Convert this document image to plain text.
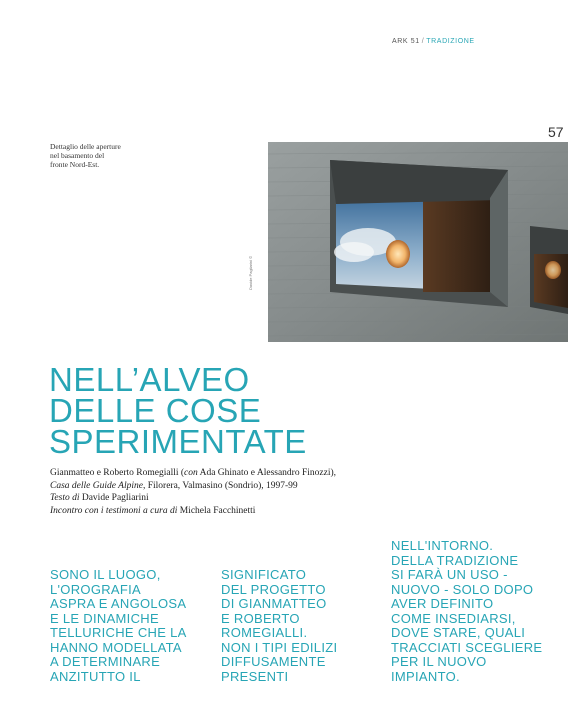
ARK 51 / TRADIZIONE
57
Dettaglio delle aperture
nel basamento del
fronte Nord-Est.
Davide Pagliarini ©
NELL’ALVEO
DELLE COSE
SPERIMENTATE
Gianmatteo e Roberto Romegialli (con Ada Ghinato e Alessandro Finozzi),
Casa delle Guide Alpine, Filorera, Valmasino (Sondrio), 1997-99
Testo di Davide Pagliarini
Incontro con i testimoni a cura di Michela Facchinetti
SONO IL LUOGO,
L'OROGRAFIA
ASPRA E ANGOLOSA
E LE DINAMICHE
TELLURICHE CHE LA
HANNO MODELLATA
A DETERMINARE
ANZITUTTO IL
SIGNIFICATO
DEL PROGETTO
DI GIANMATTEO
E ROBERTO
ROMEGIALLI.
NON I TIPI EDILIZI
DIFFUSAMENTE
PRESENTI
NELL'INTORNO.
DELLA TRADIZIONE
SI FARÀ UN USO -
NUOVO - SOLO DOPO
AVER DEFINITO
COME INSEDIARSI,
DOVE STARE, QUALI
TRACCIATI SCEGLIERE
PER IL NUOVO
IMPIANTO.
